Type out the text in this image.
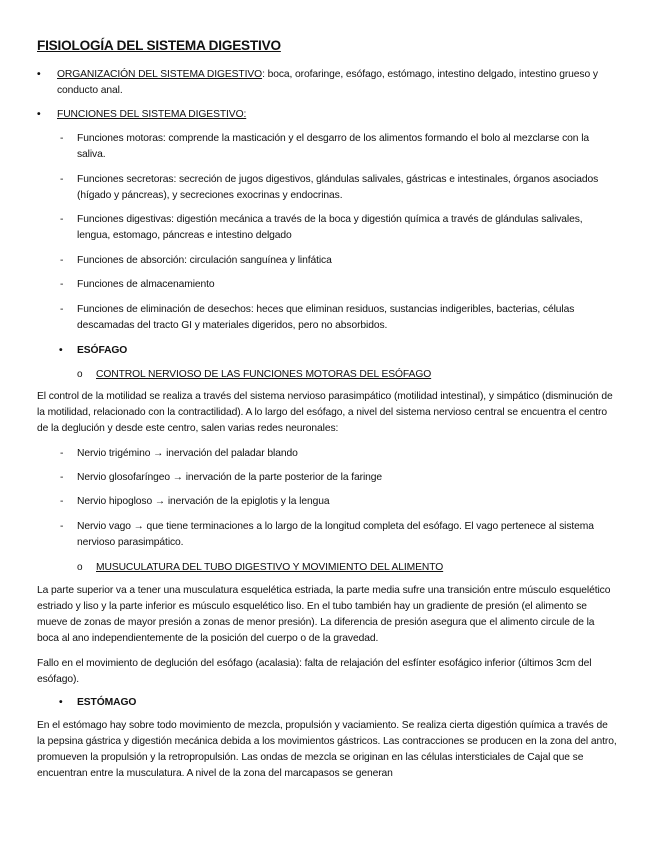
FISIOLOGÍA DEL SISTEMA DIGESTIVO
• ORGANIZACIÓN DEL SISTEMA DIGESTIVO: boca, orofaringe, esófago, estómago, intestino delgado, intestino grueso y conducto anal.
• FUNCIONES DEL SISTEMA DIGESTIVO:
- Funciones motoras: comprende la masticación y el desgarro de los alimentos formando el bolo al mezclarse con la saliva.
- Funciones secretoras: secreción de jugos digestivos, glándulas salivales, gástricas e intestinales, órganos asociados (hígado y páncreas), y secreciones exocrinas y endocrinas.
- Funciones digestivas: digestión mecánica a través de la boca y digestión química a través de glándulas salivales, lengua, estomago, páncreas e intestino delgado
- Funciones de absorción: circulación sanguínea y linfática
- Funciones de almacenamiento
- Funciones de eliminación de desechos: heces que eliminan residuos, sustancias indigeribles, bacterias, células descamadas del tracto GI y materiales digeridos, pero no absorbidos.
• ESÓFAGO
o CONTROL NERVIOSO DE LAS FUNCIONES MOTORAS DEL ESÓFAGO
El control de la motilidad se realiza a través del sistema nervioso parasimpático (motilidad intestinal), y simpático (disminución de la motilidad, relacionado con la contractilidad). A lo largo del esófago, a nivel del sistema nervioso central se encuentra el centro de la deglución y desde este centro, salen varias redes neuronales:
- Nervio trigémino → inervación del paladar blando
- Nervio glosofaríngeo → inervación de la parte posterior de la faringe
- Nervio hipogloso → inervación de la epiglotis y la lengua
- Nervio vago → que tiene terminaciones a lo largo de la longitud completa del esófago. El vago pertenece al sistema nervioso parasimpático.
o MUSUCULATURA DEL TUBO DIGESTIVO Y MOVIMIENTO DEL ALIMENTO
La parte superior va a tener una musculatura esquelética estriada, la parte media sufre una transición entre músculo esquelético estriado y liso y la parte inferior es músculo esquelético liso. En el tubo también hay un gradiente de presión (el alimento se mueve de zonas de mayor presión a zonas de menor presión). La diferencia de presión asegura que el alimento circule de la boca al ano independientemente de la posición del cuerpo o de la gravedad.
Fallo en el movimiento de deglución del esófago (acalasia): falta de relajación del esfínter esofágico inferior (últimos 3cm del esófago).
• ESTÓMAGO
En el estómago hay sobre todo movimiento de mezcla, propulsión y vaciamiento. Se realiza cierta digestión química a través de la pepsina gástrica y digestión mecánica debida a los movimientos gástricos. Las contracciones se producen en la zona del antro, promueven la propulsión y la retropropulsión. Las ondas de mezcla se originan en las células intersticiales de Cajal que se encuentran entre la musculatura. A nivel de la zona del marcapasos se generan
